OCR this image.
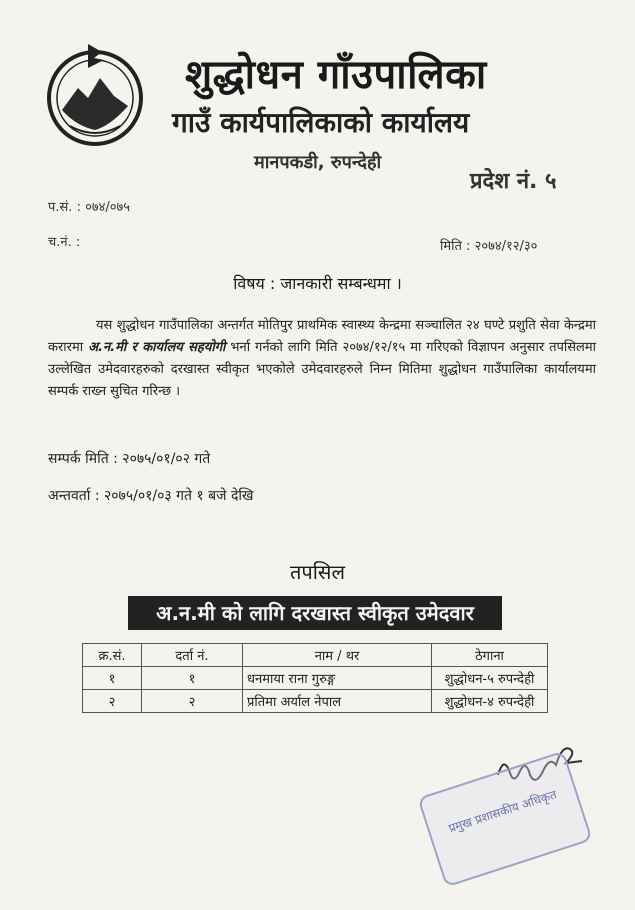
शुद्धोधन गाँउपालिका
गाउँ कार्यपालिकाको कार्यालय
मानपकडी, रुपन्देही
प्रदेश नं. ५
प.सं. : ०७४/०७५
च.नं. :	मिति : २०७४/१२/३०
विषय : जानकारी सम्बन्धमा ।
यस शुद्धोधन गाउँपालिका अन्तर्गत मोतिपुर प्राथमिक स्वास्थ्य केन्द्रमा सञ्चालित २४ घण्टे प्रशुति सेवा केन्द्रमा करारमा अ.न.मी र कार्यालय सहयोगी भर्ना गर्नको लागि मिति २०७४/१२/१५ मा गरिएको विज्ञापन अनुसार तपसिलमा उल्लेखित उमेदवारहरुको दरखास्त स्वीकृत भएकोले उमेदवारहरुले निम्न मितिमा शुद्धोधन गाउँपालिका कार्यालयमा सम्पर्क राख्न सुचित गरिन्छ ।
सम्पर्क मिति : २०७५/०१/०२ गते
अन्तवर्ता : २०७५/०१/०३ गते १ बजे देखि
तपसिल
अ.न.मी को लागि दरखास्त स्वीकृत उमेदवार
क्र.सं.	दर्ता नं.	नाम / थर	ठेगाना
१	१	धनमाया राना गुरुङ्ग	शुद्धोधन-५ रुपन्देही
२	२	प्रतिमा अर्याल नेपाल	शुद्धोधन-४ रुपन्देही
प्रमुख प्रशासकीय अधिकृत
